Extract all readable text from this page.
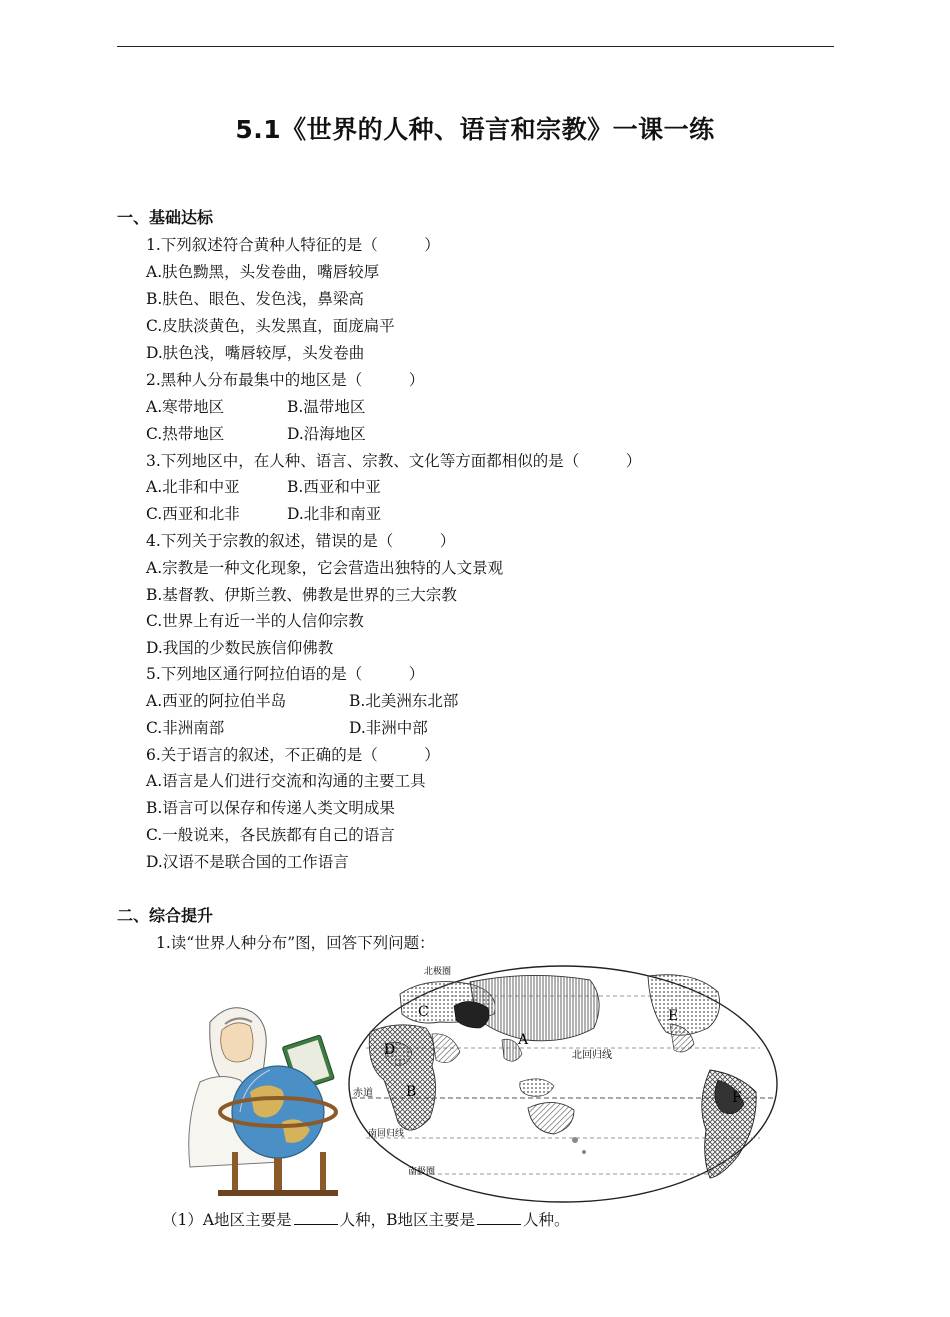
5.1《世界的人种、语言和宗教》一课一练
一、基础达标
1.下列叙述符合黄种人特征的是（　　　）
A.肤色黝黑，头发卷曲，嘴唇较厚
B.肤色、眼色、发色浅，鼻梁高
C.皮肤淡黄色，头发黑直，面庞扁平
D.肤色浅，嘴唇较厚，头发卷曲
2.黑种人分布最集中的地区是（　　　）
A.寒带地区	B.温带地区
C.热带地区	D.沿海地区
3.下列地区中，在人种、语言、宗教、文化等方面都相似的是（　　　）
A.北非和中亚	B.西亚和中亚
C.西亚和北非	D.北非和南亚
4.下列关于宗教的叙述，错误的是（　　　）
A.宗教是一种文化现象，它会营造出独特的人文景观
B.基督教、伊斯兰教、佛教是世界的三大宗教
C.世界上有近一半的人信仰宗教
D.我国的少数民族信仰佛教
5.下列地区通行阿拉伯语的是（　　　）
A.西亚的阿拉伯半岛	B.北美洲东北部
C.非洲南部	D.非洲中部
6.关于语言的叙述，不正确的是（　　　）
A.语言是人们进行交流和沟通的主要工具
B.语言可以保存和传递人类文明成果
C.一般说来，各民族都有自己的语言
D.汉语不是联合国的工作语言
二、综合提升
1.读“世界人种分布”图，回答下列问题：
北极圈
北回归线
赤道
南回归线
南极圈
A
B
C
D
E
F
（1）A地区主要是	人种，B地区主要是	人种。
